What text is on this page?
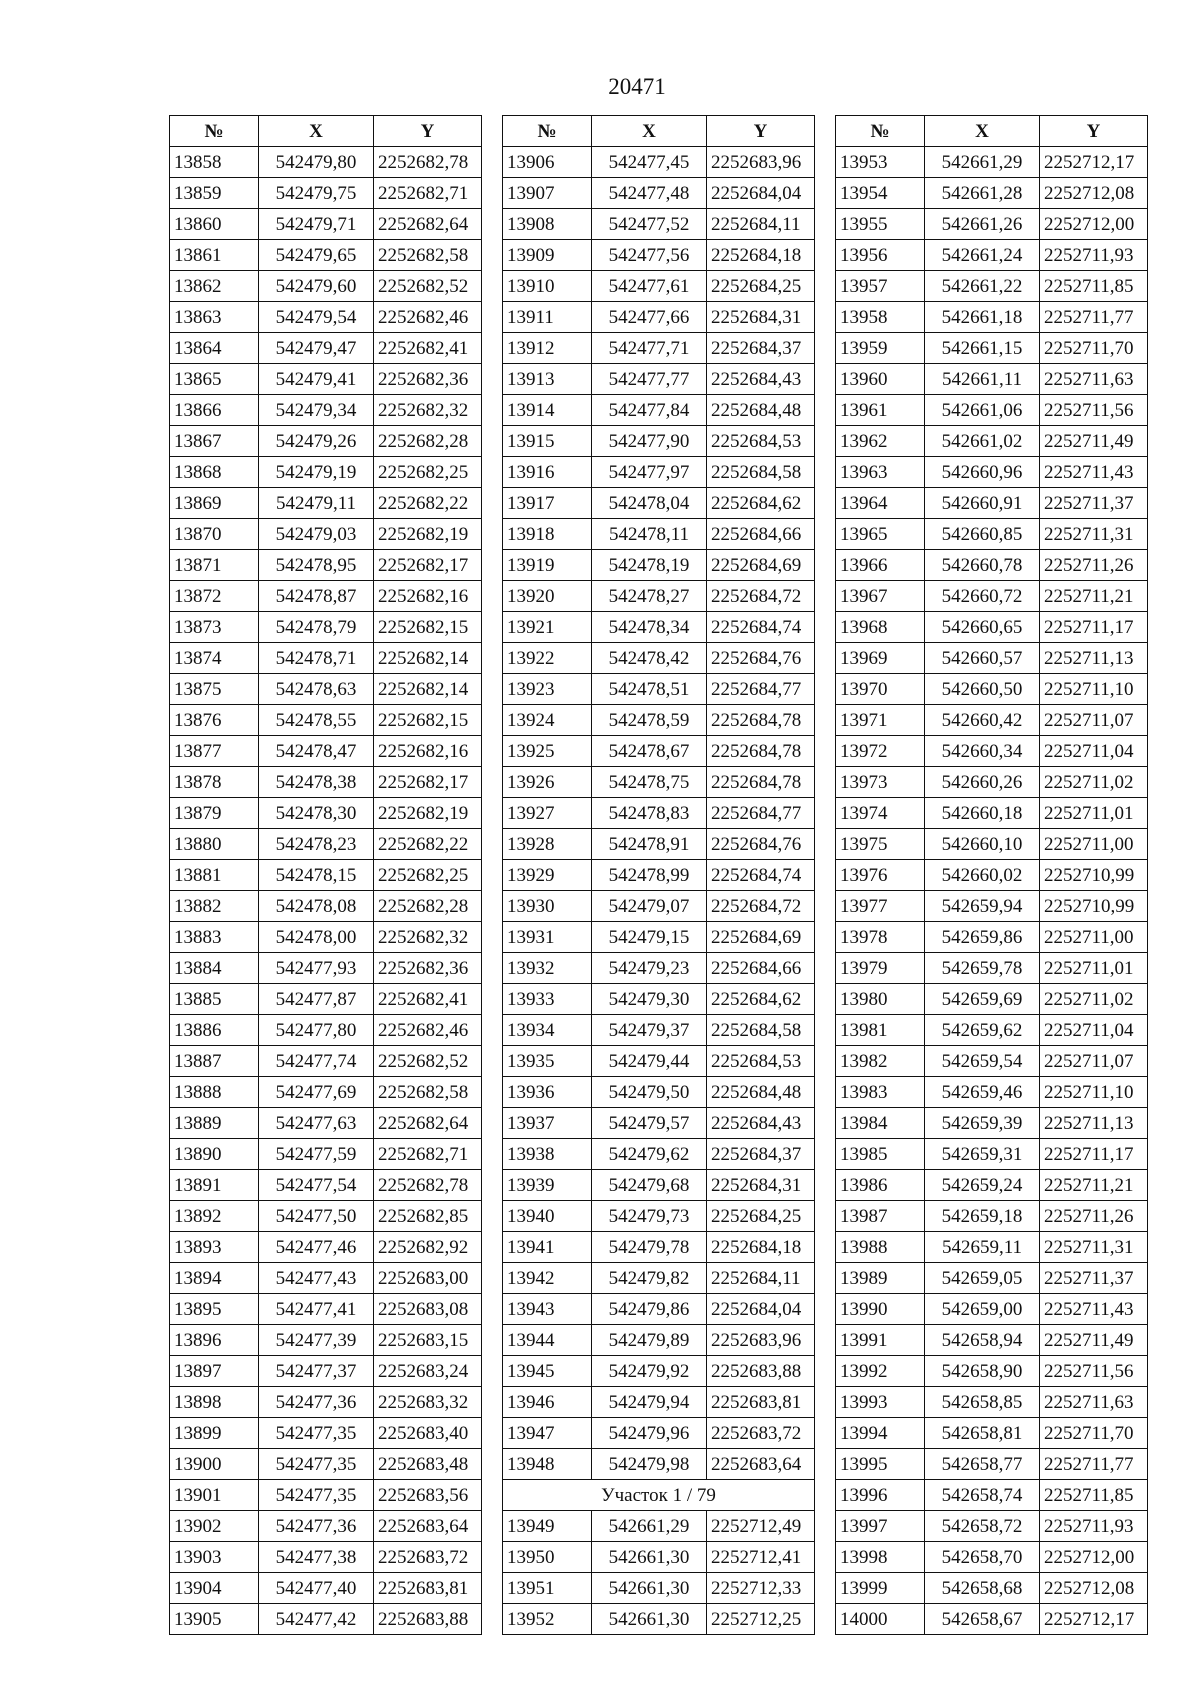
20471
№	X	Y
13858	542479,80	2252682,78
13859	542479,75	2252682,71
13860	542479,71	2252682,64
13861	542479,65	2252682,58
13862	542479,60	2252682,52
13863	542479,54	2252682,46
13864	542479,47	2252682,41
13865	542479,41	2252682,36
13866	542479,34	2252682,32
13867	542479,26	2252682,28
13868	542479,19	2252682,25
13869	542479,11	2252682,22
13870	542479,03	2252682,19
13871	542478,95	2252682,17
13872	542478,87	2252682,16
13873	542478,79	2252682,15
13874	542478,71	2252682,14
13875	542478,63	2252682,14
13876	542478,55	2252682,15
13877	542478,47	2252682,16
13878	542478,38	2252682,17
13879	542478,30	2252682,19
13880	542478,23	2252682,22
13881	542478,15	2252682,25
13882	542478,08	2252682,28
13883	542478,00	2252682,32
13884	542477,93	2252682,36
13885	542477,87	2252682,41
13886	542477,80	2252682,46
13887	542477,74	2252682,52
13888	542477,69	2252682,58
13889	542477,63	2252682,64
13890	542477,59	2252682,71
13891	542477,54	2252682,78
13892	542477,50	2252682,85
13893	542477,46	2252682,92
13894	542477,43	2252683,00
13895	542477,41	2252683,08
13896	542477,39	2252683,15
13897	542477,37	2252683,24
13898	542477,36	2252683,32
13899	542477,35	2252683,40
13900	542477,35	2252683,48
13901	542477,35	2252683,56
13902	542477,36	2252683,64
13903	542477,38	2252683,72
13904	542477,40	2252683,81
13905	542477,42	2252683,88
№	X	Y
13906	542477,45	2252683,96
13907	542477,48	2252684,04
13908	542477,52	2252684,11
13909	542477,56	2252684,18
13910	542477,61	2252684,25
13911	542477,66	2252684,31
13912	542477,71	2252684,37
13913	542477,77	2252684,43
13914	542477,84	2252684,48
13915	542477,90	2252684,53
13916	542477,97	2252684,58
13917	542478,04	2252684,62
13918	542478,11	2252684,66
13919	542478,19	2252684,69
13920	542478,27	2252684,72
13921	542478,34	2252684,74
13922	542478,42	2252684,76
13923	542478,51	2252684,77
13924	542478,59	2252684,78
13925	542478,67	2252684,78
13926	542478,75	2252684,78
13927	542478,83	2252684,77
13928	542478,91	2252684,76
13929	542478,99	2252684,74
13930	542479,07	2252684,72
13931	542479,15	2252684,69
13932	542479,23	2252684,66
13933	542479,30	2252684,62
13934	542479,37	2252684,58
13935	542479,44	2252684,53
13936	542479,50	2252684,48
13937	542479,57	2252684,43
13938	542479,62	2252684,37
13939	542479,68	2252684,31
13940	542479,73	2252684,25
13941	542479,78	2252684,18
13942	542479,82	2252684,11
13943	542479,86	2252684,04
13944	542479,89	2252683,96
13945	542479,92	2252683,88
13946	542479,94	2252683,81
13947	542479,96	2252683,72
13948	542479,98	2252683,64
Участок 1 / 79		
13949	542661,29	2252712,49
13950	542661,30	2252712,41
13951	542661,30	2252712,33
13952	542661,30	2252712,25
№	X	Y
13953	542661,29	2252712,17
13954	542661,28	2252712,08
13955	542661,26	2252712,00
13956	542661,24	2252711,93
13957	542661,22	2252711,85
13958	542661,18	2252711,77
13959	542661,15	2252711,70
13960	542661,11	2252711,63
13961	542661,06	2252711,56
13962	542661,02	2252711,49
13963	542660,96	2252711,43
13964	542660,91	2252711,37
13965	542660,85	2252711,31
13966	542660,78	2252711,26
13967	542660,72	2252711,21
13968	542660,65	2252711,17
13969	542660,57	2252711,13
13970	542660,50	2252711,10
13971	542660,42	2252711,07
13972	542660,34	2252711,04
13973	542660,26	2252711,02
13974	542660,18	2252711,01
13975	542660,10	2252711,00
13976	542660,02	2252710,99
13977	542659,94	2252710,99
13978	542659,86	2252711,00
13979	542659,78	2252711,01
13980	542659,69	2252711,02
13981	542659,62	2252711,04
13982	542659,54	2252711,07
13983	542659,46	2252711,10
13984	542659,39	2252711,13
13985	542659,31	2252711,17
13986	542659,24	2252711,21
13987	542659,18	2252711,26
13988	542659,11	2252711,31
13989	542659,05	2252711,37
13990	542659,00	2252711,43
13991	542658,94	2252711,49
13992	542658,90	2252711,56
13993	542658,85	2252711,63
13994	542658,81	2252711,70
13995	542658,77	2252711,77
13996	542658,74	2252711,85
13997	542658,72	2252711,93
13998	542658,70	2252712,00
13999	542658,68	2252712,08
14000	542658,67	2252712,17
